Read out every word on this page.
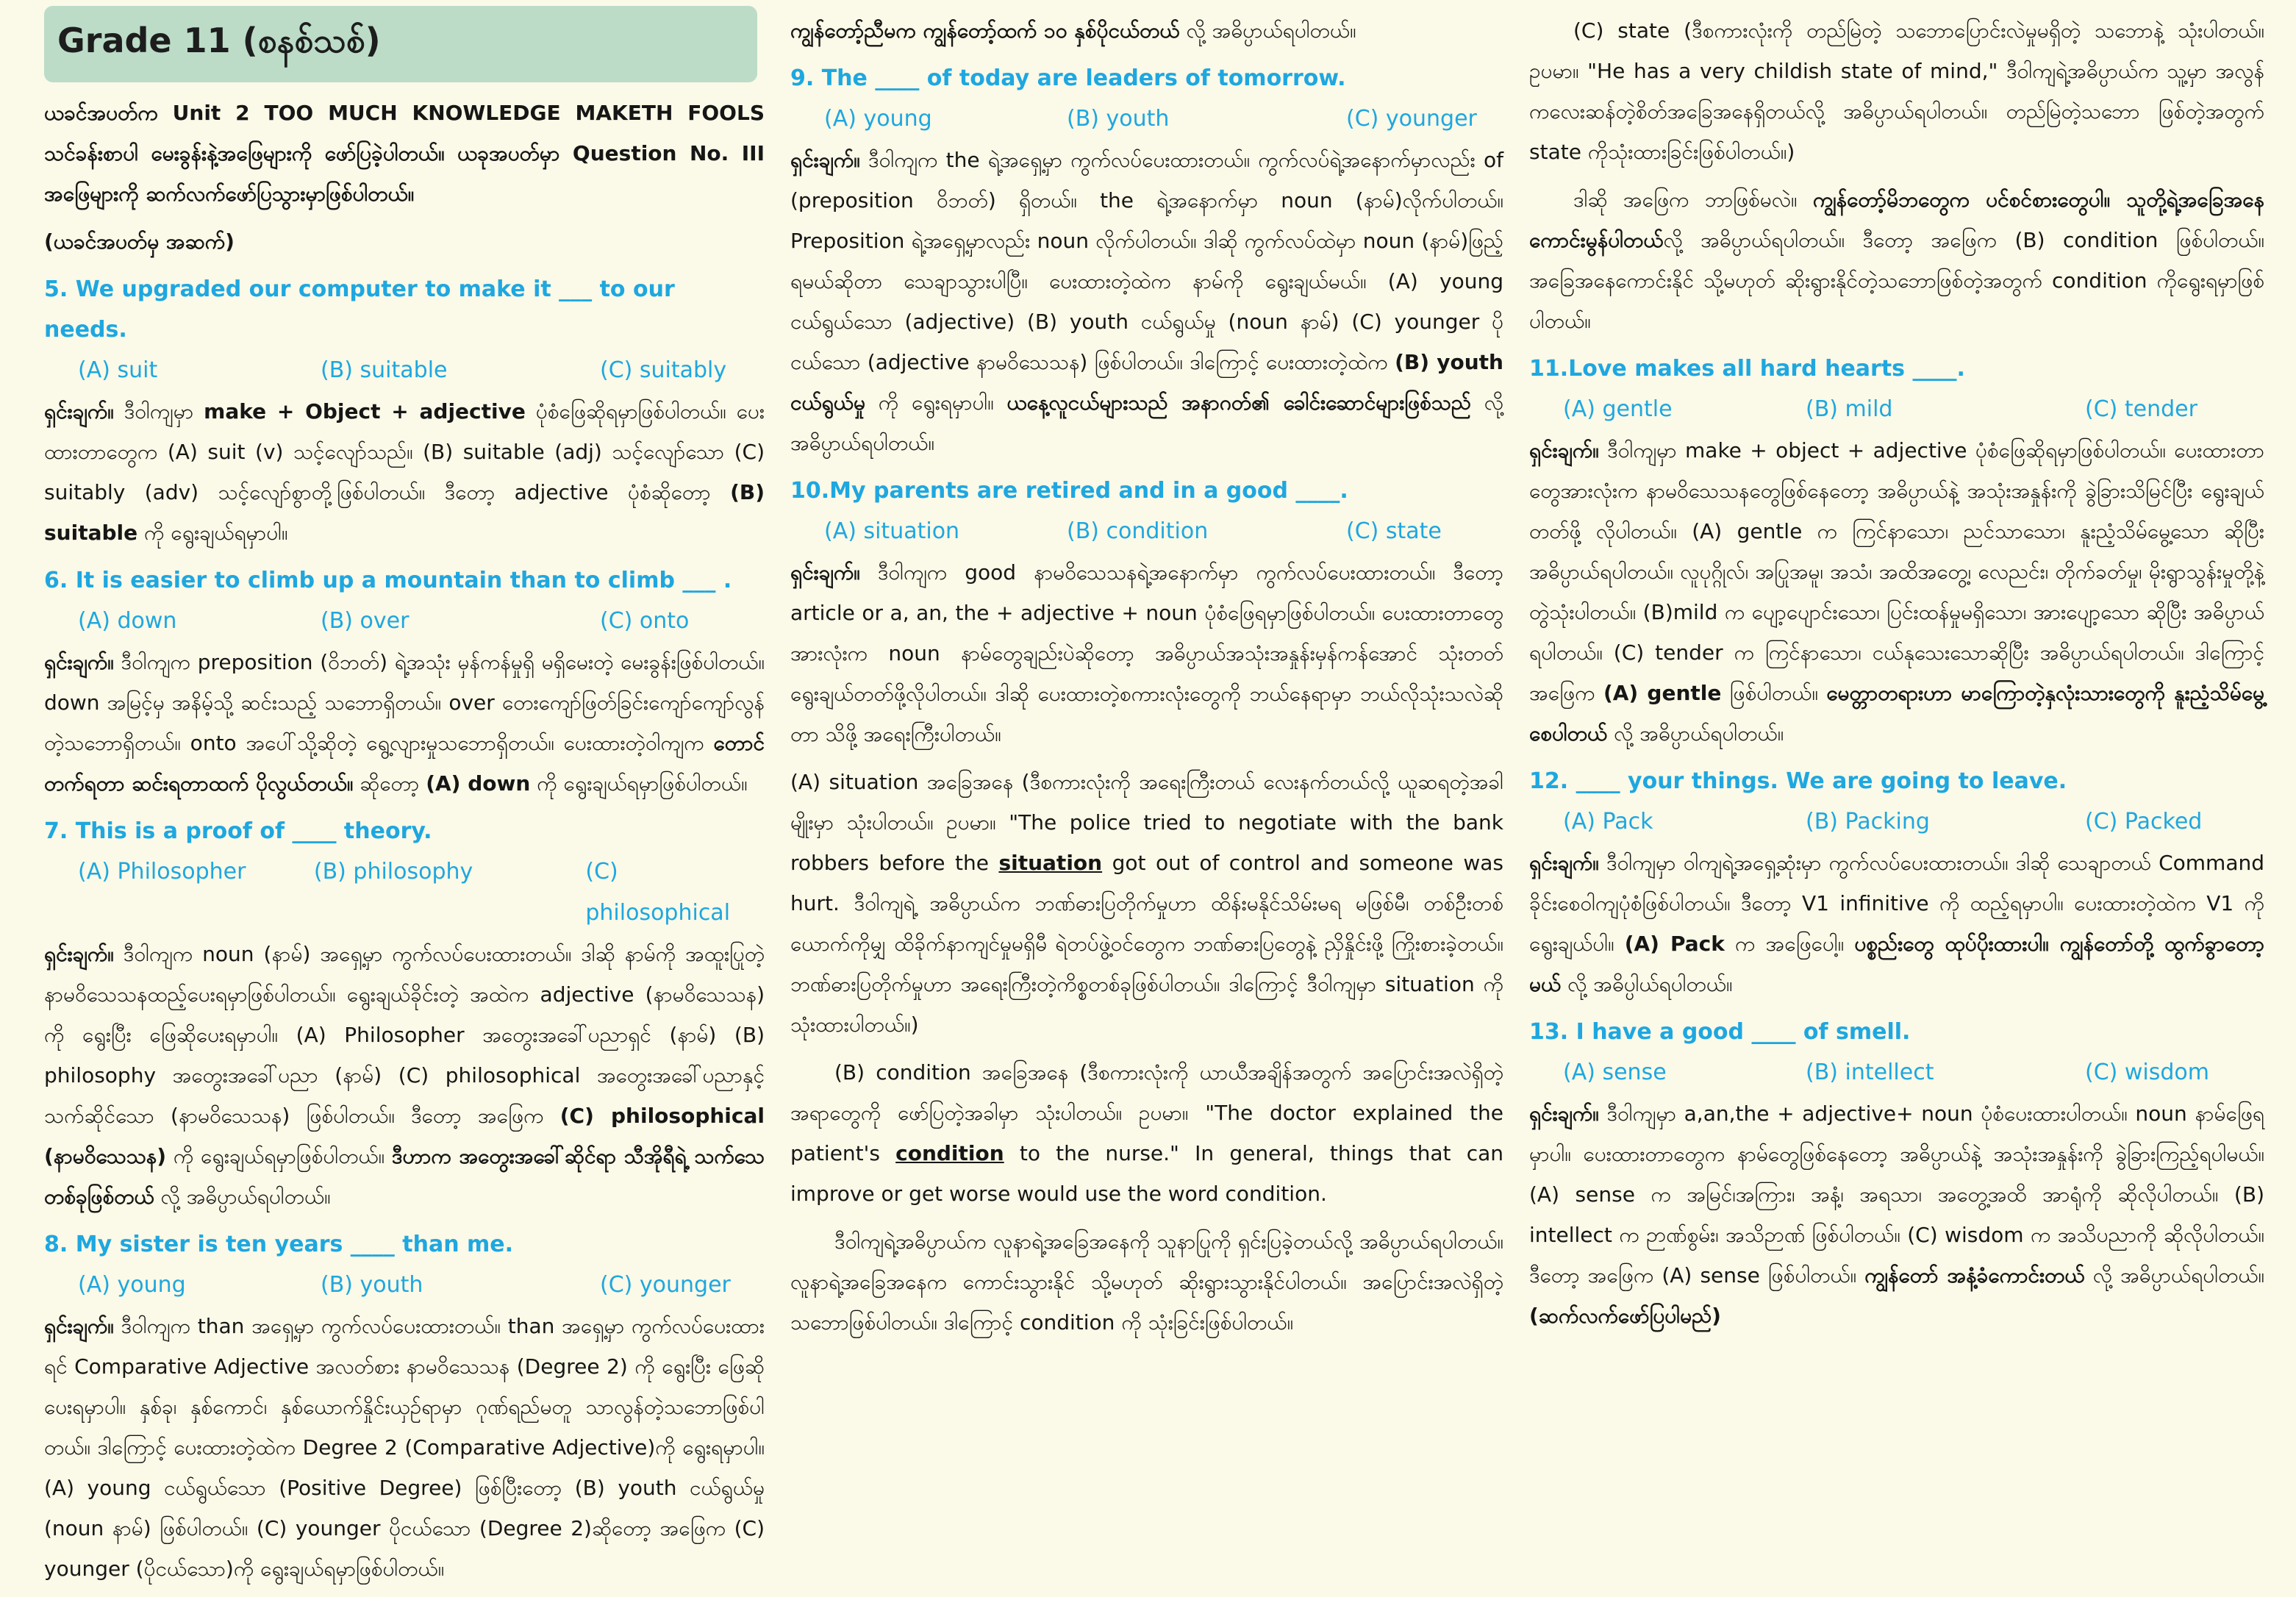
Grade 11 (စနစ်သစ်)

ယခင်အပတ်က Unit 2 TOO MUCH KNOWLEDGE MAKETH FOOLS သင်ခန်းစာပါ မေးခွန်းနဲ့အဖြေများကို ဖော်ပြခဲ့ပါတယ်။ ယခုအပတ်မှာ Question No. III အဖြေများကို ဆက်လက်ဖော်ပြသွားမှာဖြစ်ပါတယ်။

(ယခင်အပတ်မှ အဆက်)

5. We upgraded our computer to make it ___ to our needs.
(A) suit	(B) suitable	(C) suitably

ရှင်းချက်။ ဒီဝါကျမှာ make + Object + adjective ပုံစံဖြေဆိုရမှာဖြစ်ပါတယ်။ ပေးထားတာတွေက (A) suit (v) သင့်လျော်သည်။ (B) suitable (adj) သင့်လျော်သော (C) suitably (adv) သင့်လျော်စွာတို့ဖြစ်ပါတယ်။ ဒီတော့ adjective ပုံစံဆိုတော့ (B) suitable ကို ရွေးချယ်ရမှာပါ။

6. It is easier to climb up a mountain than to climb ___ .
(A) down	(B) over	(C) onto

ရှင်းချက်။ ဒီဝါကျက preposition (ဝိဘတ်) ရဲ့အသုံး မှန်ကန်မှုရှိ မရှိမေးတဲ့ မေးခွန်းဖြစ်ပါတယ်။ down အမြင့်မှ အနိမ့်သို့ ဆင်းသည့် သဘောရှိတယ်။ over ‌တေးကျော်ဖြတ်ခြင်းကျော်ကျော်လွန်တဲ့သဘောရှိတယ်။ onto အပေါ်သို့ဆိုတဲ့ ရွေ့လျားမှုသဘောရှိတယ်။ ပေးထားတဲ့ဝါကျက တောင်တက်ရတာ ဆင်းရတာထက် ပိုလွယ်တယ်။ ဆိုတော့ (A) down ကို ရွေးချယ်ရမှာဖြစ်ပါတယ်။

7. This is a proof of ____ theory.
(A) Philosopher	(B) philosophy	(C) philosophical

ရှင်းချက်။ ဒီဝါကျက noun (နာမ်) အရှေ့မှာ ကွက်လပ်ပေးထားတယ်။ ဒါဆို နာမ်ကို အထူးပြုတဲ့ နာမဝိသေသနထည့်ပေးရမှာဖြစ်ပါတယ်။ ရွေးချယ်ခိုင်းတဲ့ အထဲက adjective (နာမဝိသေသန) ကို ရွေးပြီး ဖြေဆိုပေးရမှာပါ။ (A) Philosopher အတွေးအခေါ်ပညာရှင် (နာမ်) (B) philosophy အတွေးအခေါ်ပညာ (နာမ်) (C) philosophical အတွေးအခေါ်ပညာနှင့်သက်ဆိုင်သော (နာမဝိသေသန) ဖြစ်ပါတယ်။ ဒီတော့ အဖြေက (C) philosophical (နာမဝိသေသန) ကို ရွေးချယ်ရမှာဖြစ်ပါတယ်။ ဒီဟာက အတွေးအခေါ်ဆိုင်ရာ သီအိုရီရဲ့ သက်သေတစ်ခုဖြစ်တယ် လို့ အဓိပ္ပာယ်ရပါတယ်။

8. My sister is ten years ____ than me.
(A) young	(B) youth	(C) younger

ရှင်းချက်။ ဒီဝါကျက than အရှေ့မှာ ကွက်လပ်ပေးထားတယ်။ than အရှေ့မှာ ကွက်လပ်ပေးထားရင် Comparative Adjective အလတ်စား နာမဝိသေသန (Degree 2) ကို ရွေးပြီး ဖြေဆိုပေးရမှာပါ။ နှစ်ခု၊ နှစ်ကောင်၊ နှစ်ယောက်နှိုင်းယှဉ်ရာမှာ ဂုဏ်ရည်မတူ သာလွန်တဲ့သဘောဖြစ်ပါတယ်။ ဒါကြောင့် ပေးထားတဲ့ထဲက Degree 2 (Comparative Adjective)ကို ရွေးရမှာပါ။ (A) young ငယ်ရွယ်သော (Positive Degree) ဖြစ်ပြီးတော့ (B) youth ငယ်ရွယ်မှု (noun နာမ်) ဖြစ်ပါတယ်။ (C) younger ပိုငယ်သော (Degree 2)ဆိုတော့ အဖြေက (C) younger (ပိုငယ်သော)ကို ရွေးချယ်ရမှာဖြစ်ပါတယ်။

ကျွန်တော့်ညီမက ကျွန်တော့်ထက် ၁၀ နှစ်ပိုငယ်တယ် လို့ အဓိပ္ပာယ်ရပါတယ်။

9. The ____ of today are leaders of tomorrow.
(A) young	(B) youth	(C) younger

ရှင်းချက်။ ဒီဝါကျက the ရဲ့အရှေ့မှာ ကွက်လပ်ပေးထားတယ်။ ကွက်လပ်ရဲ့အနောက်မှာလည်း of (preposition ဝိဘတ်) ရှိတယ်။ the ရဲ့အနောက်မှာ noun (နာမ်)လိုက်ပါတယ်။ Preposition ရဲ့အရှေ့မှာလည်း noun လိုက်ပါတယ်။ ဒါဆို ကွက်လပ်ထဲမှာ noun (နာမ်)ဖြည့်ရမယ်ဆိုတာ သေချာသွားပါပြီ။ ပေးထားတဲ့ထဲက နာမ်ကို ရွေးချယ်မယ်။ (A) young ငယ်ရွယ်သော (adjective) (B) youth ငယ်ရွယ်မှု (noun နာမ်) (C) younger ပိုငယ်သော (adjective နာမဝိသေသန) ဖြစ်ပါတယ်။ ဒါကြောင့် ပေးထားတဲ့ထဲက (B) youth ငယ်ရွယ်မှု ကို ရွေးရမှာပါ။ ယနေ့လူငယ်များသည် အနာဂတ်၏ ခေါင်းဆောင်များဖြစ်သည် လို့ အဓိပ္ပာယ်ရပါတယ်။

10.My parents are retired and in a good ____.
(A) situation	(B) condition	(C) state

ရှင်းချက်။ ဒီဝါကျက good နာမဝိသေသနရဲ့အနောက်မှာ ကွက်လပ်ပေးထားတယ်။ ဒီတော့ article or a, an, the + adjective + noun ပုံစံဖြေရမှာဖြစ်ပါတယ်။ ပေးထားတာတွေအားလုံးက noun နာမ်တွေချည်းပဲဆိုတော့ အဓိပ္ပာယ်အသုံးအနှုန်းမှန်ကန်အောင် သုံးတတ် ရွေးချယ်တတ်ဖို့လိုပါတယ်။ ဒါဆို ပေးထားတဲ့စကားလုံးတွေကို ဘယ်နေရာမှာ ဘယ်လိုသုံးသလဲဆိုတာ သိဖို့ အရေးကြီးပါတယ်။

(A) situation အခြေအနေ (ဒီစကားလုံးကို အရေးကြီးတယ် လေးနက်တယ်လို့ ယူဆရတဲ့အခါမျိုးမှာ သုံးပါတယ်။ ဥပမာ။ "The police tried to negotiate with the bank robbers before the situation got out of control and someone was hurt. ဒီဝါကျရဲ့ အဓိပ္ပာယ်က ဘဏ်ဓားပြတိုက်မှုဟာ ထိန်းမနိုင်သိမ်းမရ မဖြစ်မီ၊ တစ်ဦးတစ်ယောက်ကိုမျှ ထိခိုက်နာကျင်မှုမရှိမီ ရဲတပ်ဖွဲ့ဝင်တွေက ဘဏ်ဓားပြတွေနဲ့ ညှိနှိုင်းဖို့ ကြိုးစားခဲ့တယ်။ ဘဏ်ဓားပြတိုက်မှုဟာ အရေးကြီးတဲ့ကိစ္စတစ်ခုဖြစ်ပါတယ်။ ဒါကြောင့် ဒီဝါကျမှာ situation ကို သုံးထားပါတယ်။)

(B) condition အခြေအနေ (ဒီစကားလုံးကို ယာယီအချိန်အတွက် အပြောင်းအလဲရှိတဲ့အရာတွေကို ဖော်ပြတဲ့အခါမှာ သုံးပါတယ်။ ဥပမာ။ "The doctor explained the patient's condition to the nurse." In general, things that can improve or get worse would use the word condition.

ဒီဝါကျရဲ့အဓိပ္ပာယ်က လူနာရဲ့အခြေအနေကို သူနာပြုကို ရှင်းပြခဲ့တယ်လို့ အဓိပ္ပာယ်ရပါတယ်။ လူနာရဲ့အခြေအနေက ကောင်းသွားနိုင် သို့မဟုတ် ဆိုးရွားသွားနိုင်ပါတယ်။ အပြောင်းအလဲရှိတဲ့သဘောဖြစ်ပါတယ်။ ဒါကြောင့် condition ကို သုံးခြင်းဖြစ်ပါတယ်။

(C) state (ဒီစကားလုံးကို တည်မြဲတဲ့ သဘောပြောင်းလဲမှုမရှိတဲ့ သဘောနဲ့ သုံးပါတယ်။ ဥပမာ။ "He has a very childish state of mind," ဒီဝါကျရဲ့အဓိပ္ပာယ်က သူ့မှာ အလွန်ကလေးဆန်တဲ့စိတ်အခြေအနေရှိတယ်လို့ အဓိပ္ပာယ်ရပါတယ်။ တည်မြဲတဲ့သဘော ဖြစ်တဲ့အတွက် state ကိုသုံးထားခြင်းဖြစ်ပါတယ်။)

ဒါဆို အဖြေက ဘာဖြစ်မလဲ။ ကျွန်တော့်မိဘတွေက ပင်စင်စားတွေပါ။ သူတို့ရဲ့အခြေအနေ ကောင်းမွန်ပါတယ်လို့ အဓိပ္ပာယ်ရပါတယ်။ ဒီတော့ အဖြေက (B) condition ဖြစ်ပါတယ်။ အခြေအနေကောင်းနိုင် သို့မဟုတ် ဆိုးရွားနိုင်တဲ့သဘောဖြစ်တဲ့အတွက် condition ကိုရွေးရမှာဖြစ်ပါတယ်။

11.Love makes all hard hearts ____.
(A) gentle	(B) mild	(C) tender

ရှင်းချက်။ ဒီဝါကျမှာ make + object + adjective ပုံစံဖြေဆိုရမှာဖြစ်ပါတယ်။ ပေးထားတာတွေအားလုံးက နာမဝိသေသနတွေဖြစ်နေတော့ အဓိပ္ပာယ်နဲ့ အသုံးအနှုန်းကို ခွဲခြားသိမြင်ပြီး ရွေးချယ်တတ်ဖို့ လိုပါတယ်။ (A) gentle က ကြင်နာသော၊ ညင်သာသော၊ နူးညံ့သိမ်မွေ့သော ဆိုပြီးအဓိပ္ပာယ်ရပါတယ်။ လူပုဂ္ဂိုလ်၊ အပြုအမူ၊ အသံ၊ အထိအတွေ့၊ လေညင်း၊ တိုက်ခတ်မှု၊ မိုးရွာသွန်းမှုတို့နဲ့ တွဲသုံးပါတယ်။ (B)mild က ပျော့ပျောင်းသော၊ ပြင်းထန်မှုမရှိသော၊ အားပျော့သော ဆိုပြီး အဓိပ္ပာယ်ရပါတယ်။ (C) tender က ကြင်နာသော၊ ငယ်နုသေးသောဆိုပြီး အဓိပ္ပာယ်ရပါတယ်။ ဒါကြောင့် အဖြေက (A) gentle ဖြစ်ပါတယ်။ မေတ္တာတရားဟာ မာကြောတဲ့နှလုံးသားတွေကို နူးညံ့သိမ်မွေ့စေပါတယ် လို့ အဓိပ္ပာယ်ရပါတယ်။

12. ____ your things. We are going to leave.
(A) Pack	(B) Packing	(C) Packed

ရှင်းချက်။ ဒီဝါကျမှာ ဝါကျရဲ့အရှေ့ဆုံးမှာ ကွက်လပ်ပေးထားတယ်။ ဒါဆို သေချာတယ် Command ခိုင်းစေဝါကျပုံစံဖြစ်ပါတယ်။ ဒီတော့ V1 infinitive ကို ထည့်ရမှာပါ။ ပေးထားတဲ့ထဲက V1 ကိုရွေးချယ်ပါ။ (A) Pack က အဖြေပေါ့။ ပစ္စည်းတွေ ထုပ်ပိုးထားပါ။ ကျွန်တော်တို့ ထွက်ခွာတော့မယ် လို့ အဓိပ္ပါယ်ရပါတယ်။

13. I have a good ____ of smell.
(A) sense	(B) intellect	(C) wisdom

ရှင်းချက်။ ဒီဝါကျမှာ a,an,the + adjective+ noun ပုံစံပေးထားပါတယ်။ noun နာမ်ဖြေရမှာပါ။ ပေးထားတာတွေက နာမ်တွေဖြစ်နေတော့ အဓိပ္ပာယ်နဲ့ အသုံးအနှုန်းကို ခွဲခြားကြည့်ရပါမယ်။ (A) sense က အမြင်၊အကြား၊ အနံ့၊ အရသာ၊ အတွေ့အထိ အာရုံကို ဆိုလိုပါတယ်။ (B) intellect က ဉာဏ်စွမ်း၊ အသိဉာဏ် ဖြစ်ပါတယ်။ (C) wisdom က အသိပညာကို ဆိုလိုပါတယ်။ ဒီတော့ အဖြေက (A) sense ဖြစ်ပါတယ်။ ကျွန်တော် အနံ့ခံကောင်းတယ် လို့ အဓိပ္ပာယ်ရပါတယ်။ (ဆက်လက်ဖော်ပြပါမည်)
